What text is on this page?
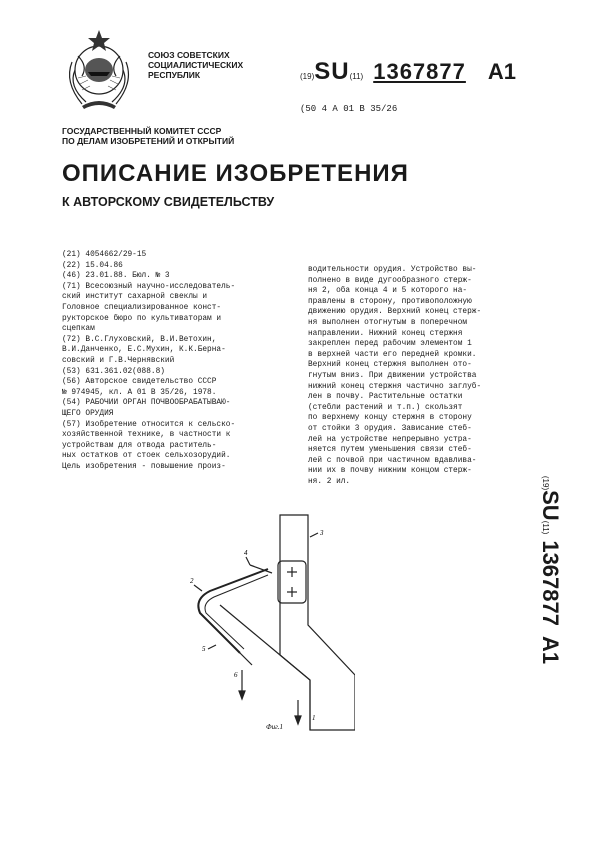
СОЮЗ СОВЕТСКИХ
СОЦИАЛИСТИЧЕСКИХ
РЕСПУБЛИК	(19)SU(11) 1367877 А1
(50 4 А 01 В 35/26
ГОСУДАРСТВЕННЫЙ КОМИТЕТ СССР
ПО ДЕЛАМ ИЗОБРЕТЕНИЙ И ОТКРЫТИЙ
ОПИСАНИЕ ИЗОБРЕТЕНИЯ
К АВТОРСКОМУ СВИДЕТЕЛЬСТВУ
(21) 4054662/29-15
(22) 15.04.86
(46) 23.01.88. Бюл. № 3
(71) Всесоюзный научно-исследователь-
ский институт сахарной свеклы и
Головное специализированное конст-
рукторское бюро по культиваторам и
сцепкам
(72) В.С.Глуховский, В.И.Ветохин,
В.И.Данченко, Е.С.Мухин, К.К.Берна-
совский и Г.В.Чернявский
(53) 631.361.02(088.8)
(56) Авторское свидетельство СССР
№ 974945, кл. А 01 В 35/26, 1978.
(54) РАБОЧИЙ ОРГАН ПОЧВООБРАБАТЫВАЮ-
ЩЕГО ОРУДИЯ
(57) Изобретение относится к сельско-
хозяйственной технике, в частности к
устройствам для отвода раститель-
ных остатков от стоек сельхозорудий.
Цель изобретения - повышение произ-
водительности орудия. Устройство вы-
полнено в виде дугообразного стерж-
ня 2, оба конца 4 и 5 которого на-
правлены в сторону, противоположную
движению орудия. Верхний конец стерж-
ня выполнен отогнутым в поперечном
направлении. Нижний конец стержня
закреплен перед рабочим элементом 1
в верхней части его передней кромки.
Верхний конец стержня выполнен ото-
гнутым вниз. При движении устройства
нижний конец стержня частично заглуб-
лен в почву. Растительные остатки
(стебли растений и т.п.) скользят
по верхнему концу стержня в сторону
от стойки 3 орудия. Зависание стеб-
лей на устройстве непрерывно устра-
няется путем уменьшения связи стеб-
лей с почвой при частичном вдавлива-
нии их в почву нижним концом стерж-
ня. 2 ил.	(19)SU(11)1367877А1
3
4
2
5
6
1
Фиг.1
